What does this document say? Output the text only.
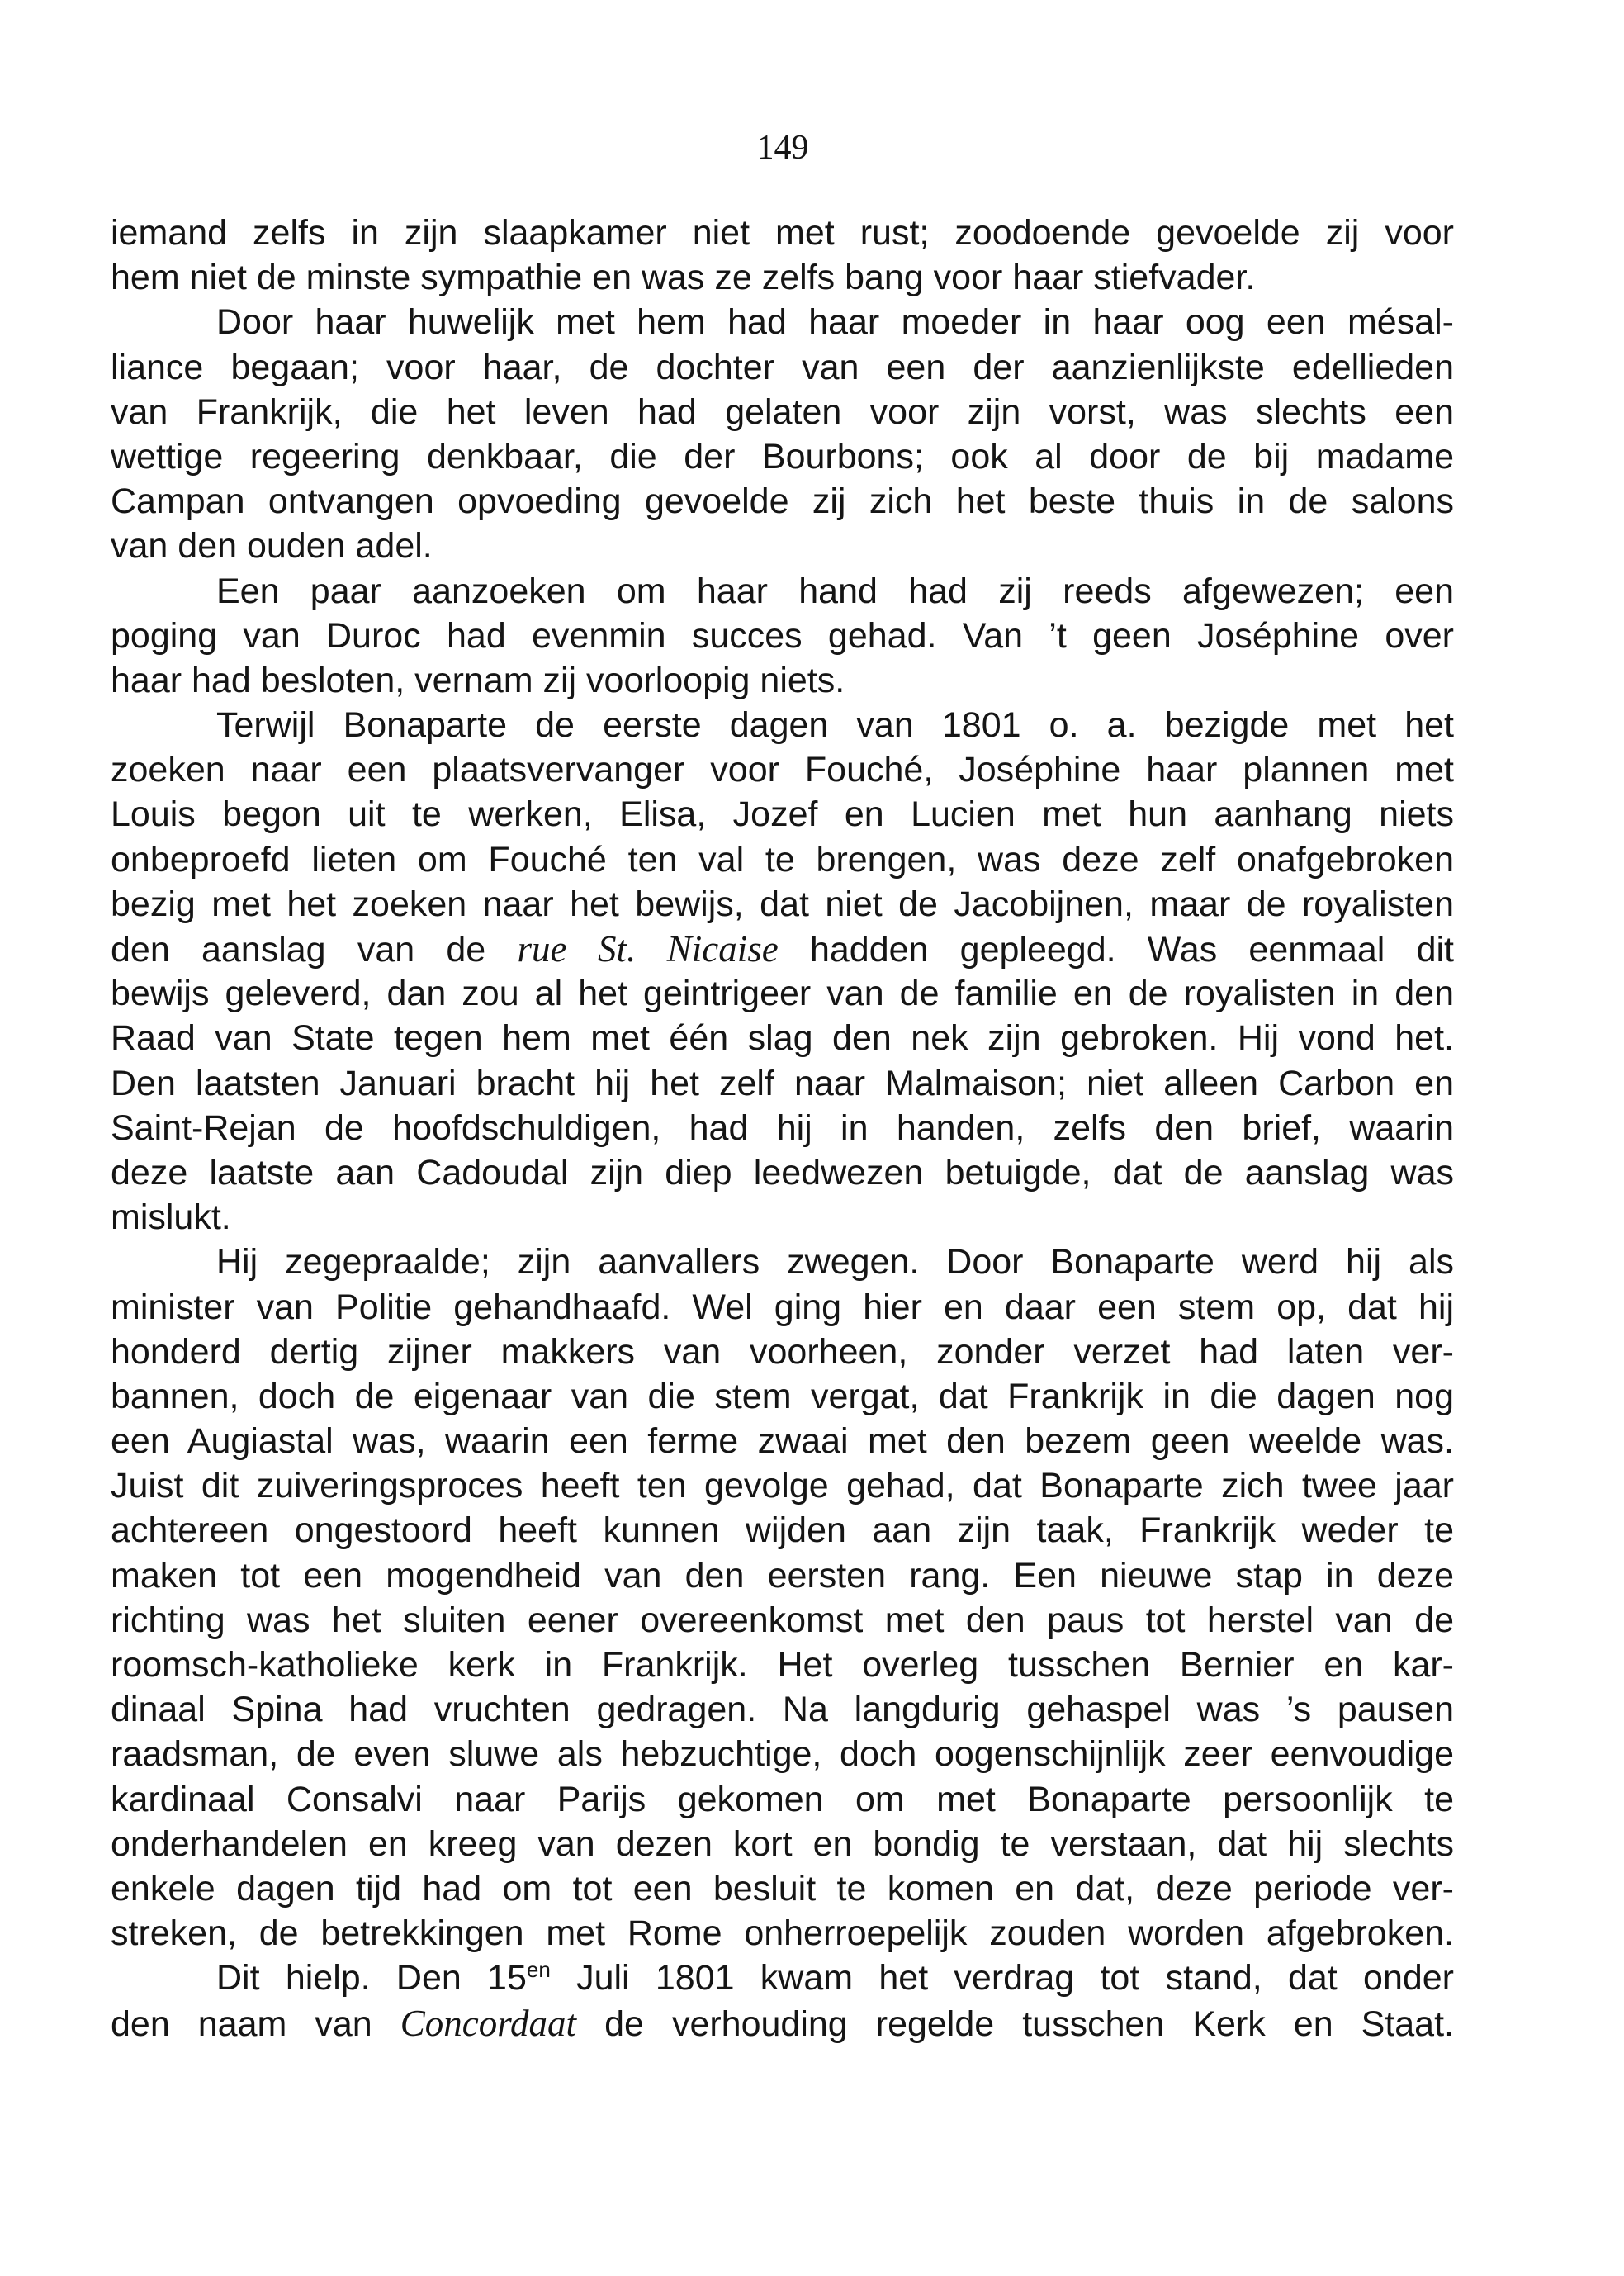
149
iemand zelfs in zijn slaapkamer niet met rust; zoodoende gevoelde zij voor
hem niet de minste sympathie en was ze zelfs bang voor haar stiefvader.
Door haar huwelijk met hem had haar moeder in haar oog een mésal-
liance begaan; voor haar, de dochter van een der aanzienlijkste edellieden
van Frankrijk, die het leven had gelaten voor zijn vorst, was slechts een
wettige regeering denkbaar, die der Bourbons; ook al door de bij madame
Campan ontvangen opvoeding gevoelde zij zich het beste thuis in de salons
van den ouden adel.
Een paar aanzoeken om haar hand had zij reeds afgewezen; een
poging van Duroc had evenmin succes gehad. Van ’t geen Joséphine over
haar had besloten, vernam zij voorloopig niets.
Terwijl Bonaparte de eerste dagen van 1801 o. a. bezigde met het
zoeken naar een plaatsvervanger voor Fouché, Joséphine haar plannen met
Louis begon uit te werken, Elisa, Jozef en Lucien met hun aanhang niets
onbeproefd lieten om Fouché ten val te brengen, was deze zelf onafgebroken
bezig met het zoeken naar het bewijs, dat niet de Jacobijnen, maar de royalisten
den aanslag van de rue St. Nicaise hadden gepleegd. Was eenmaal dit
bewijs geleverd, dan zou al het geintrigeer van de familie en de royalisten in den
Raad van State tegen hem met één slag den nek zijn gebroken. Hij vond het.
Den laatsten Januari bracht hij het zelf naar Malmaison; niet alleen Carbon en
Saint-Rejan de hoofdschuldigen, had hij in handen, zelfs den brief, waarin
deze laatste aan Cadoudal zijn diep leedwezen betuigde, dat de aanslag was
mislukt.
Hij zegepraalde; zijn aanvallers zwegen. Door Bonaparte werd hij als
minister van Politie gehandhaafd. Wel ging hier en daar een stem op, dat hij
honderd dertig zijner makkers van voorheen, zonder verzet had laten ver-
bannen, doch de eigenaar van die stem vergat, dat Frankrijk in die dagen nog
een Augiastal was, waarin een ferme zwaai met den bezem geen weelde was.
Juist dit zuiveringsproces heeft ten gevolge gehad, dat Bonaparte zich twee jaar
achtereen ongestoord heeft kunnen wijden aan zijn taak, Frankrijk weder te
maken tot een mogendheid van den eersten rang. Een nieuwe stap in deze
richting was het sluiten eener overeenkomst met den paus tot herstel van de
roomsch-katholieke kerk in Frankrijk. Het overleg tusschen Bernier en kar-
dinaal Spina had vruchten gedragen. Na langdurig gehaspel was ’s pausen
raadsman, de even sluwe als hebzuchtige, doch oogenschijnlijk zeer eenvoudige
kardinaal Consalvi naar Parijs gekomen om met Bonaparte persoonlijk te
onderhandelen en kreeg van dezen kort en bondig te verstaan, dat hij slechts
enkele dagen tijd had om tot een besluit te komen en dat, deze periode ver-
streken, de betrekkingen met Rome onherroepelijk zouden worden afgebroken.
Dit hielp. Den $15^{en}$ Juli 1801 kwam het verdrag tot stand, dat onder
den naam van Concordaat de verhouding regelde tusschen Kerk en Staat.
